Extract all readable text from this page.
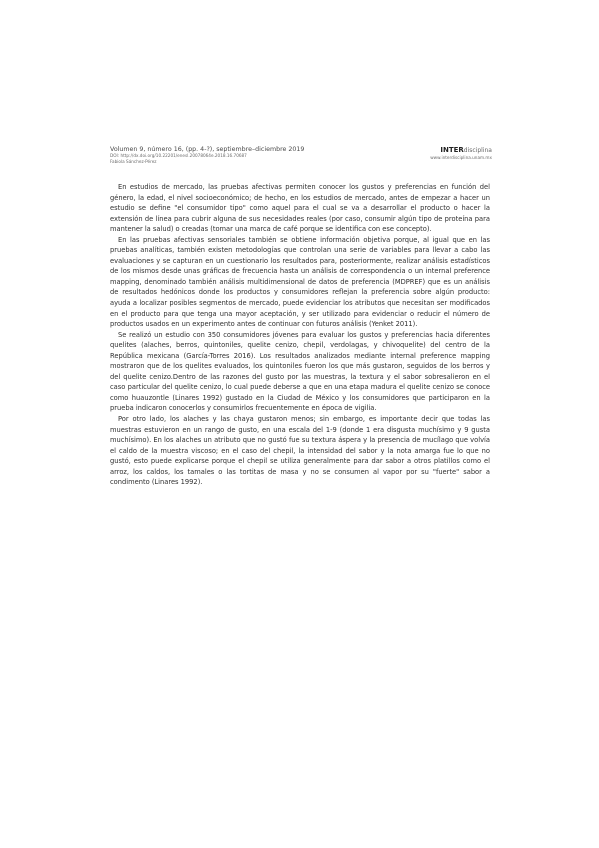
Volumen 9, número 16, (pp. 4-?), septiembre–diciembre 2019
DOI: http://dx.doi.org/10.22201/enesl.20078064e.2018.16.70687
Fabiola Sánchez-Pérez
INTERdisciplina
www.interdisciplina.unam.mx

En estudios de mercado, las pruebas afectivas permiten conocer los gustos y preferencias en función del género, la edad, el nivel socioeconómico; de hecho, en los estudios de mercado, antes de empezar a hacer un estudio se define "el consumidor tipo" como aquel para el cual se va a desarrollar el producto o hacer la extensión de línea para cubrir alguna de sus necesidades reales (por caso, consumir algún tipo de proteína para mantener la salud) o creadas (tomar una marca de café porque se identifica con ese concepto).

En las pruebas afectivas sensoriales también se obtiene información objetiva porque, al igual que en las pruebas analíticas, también existen metodologías que controlan una serie de variables para llevar a cabo las evaluaciones y se capturan en un cuestionario los resultados para, posteriormente, realizar análisis estadísticos de los mismos desde unas gráficas de frecuencia hasta un análisis de correspondencia o un internal preference mapping, denominado también análisis multidimensional de datos de preferencia (MDPREF) que es un análisis de resultados hedónicos donde los productos y consumidores reflejan la preferencia sobre algún producto: ayuda a localizar posibles segmentos de mercado, puede evidenciar los atributos que necesitan ser modificados en el producto para que tenga una mayor aceptación, y ser utilizado para evidenciar o reducir el número de productos usados en un experimento antes de continuar con futuros análisis (Yenket 2011).

Se realizó un estudio con 350 consumidores jóvenes para evaluar los gustos y preferencias hacia diferentes quelites (alaches, berros, quintoniles, quelite cenizo, chepil, verdolagas, y chivoquelite) del centro de la República mexicana (García-Torres 2016). Los resultados analizados mediante internal preference mapping mostraron que de los quelites evaluados, los quintoniles fueron los que más gustaron, seguidos de los berros y del quelite cenizo.Dentro de las razones del gusto por las muestras, la textura y el sabor sobresalieron en el caso particular del quelite cenizo, lo cual puede deberse a que en una etapa madura el quelite cenizo se conoce como huauzontle (Linares 1992) gustado en la Ciudad de México y los consumidores que participaron en la prueba indicaron conocerlos y consumirlos frecuentemente en época de vigilia.

Por otro lado, los alaches y las chaya gustaron menos; sin embargo, es importante decir que todas las muestras estuvieron en un rango de gusto, en una escala del 1-9 (donde 1 era disgusta muchísimo y 9 gusta muchísimo). En los alaches un atributo que no gustó fue su textura áspera y la presencia de mucílago que volvía el caldo de la muestra viscoso; en el caso del chepil, la intensidad del sabor y la nota amarga fue lo que no gustó, esto puede explicarse porque el chepil se utiliza generalmente para dar sabor a otros platillos como el arroz, los caldos, los tamales o las tortitas de masa y no se consumen al vapor por su "fuerte" sabor a condimento (Linares 1992).
